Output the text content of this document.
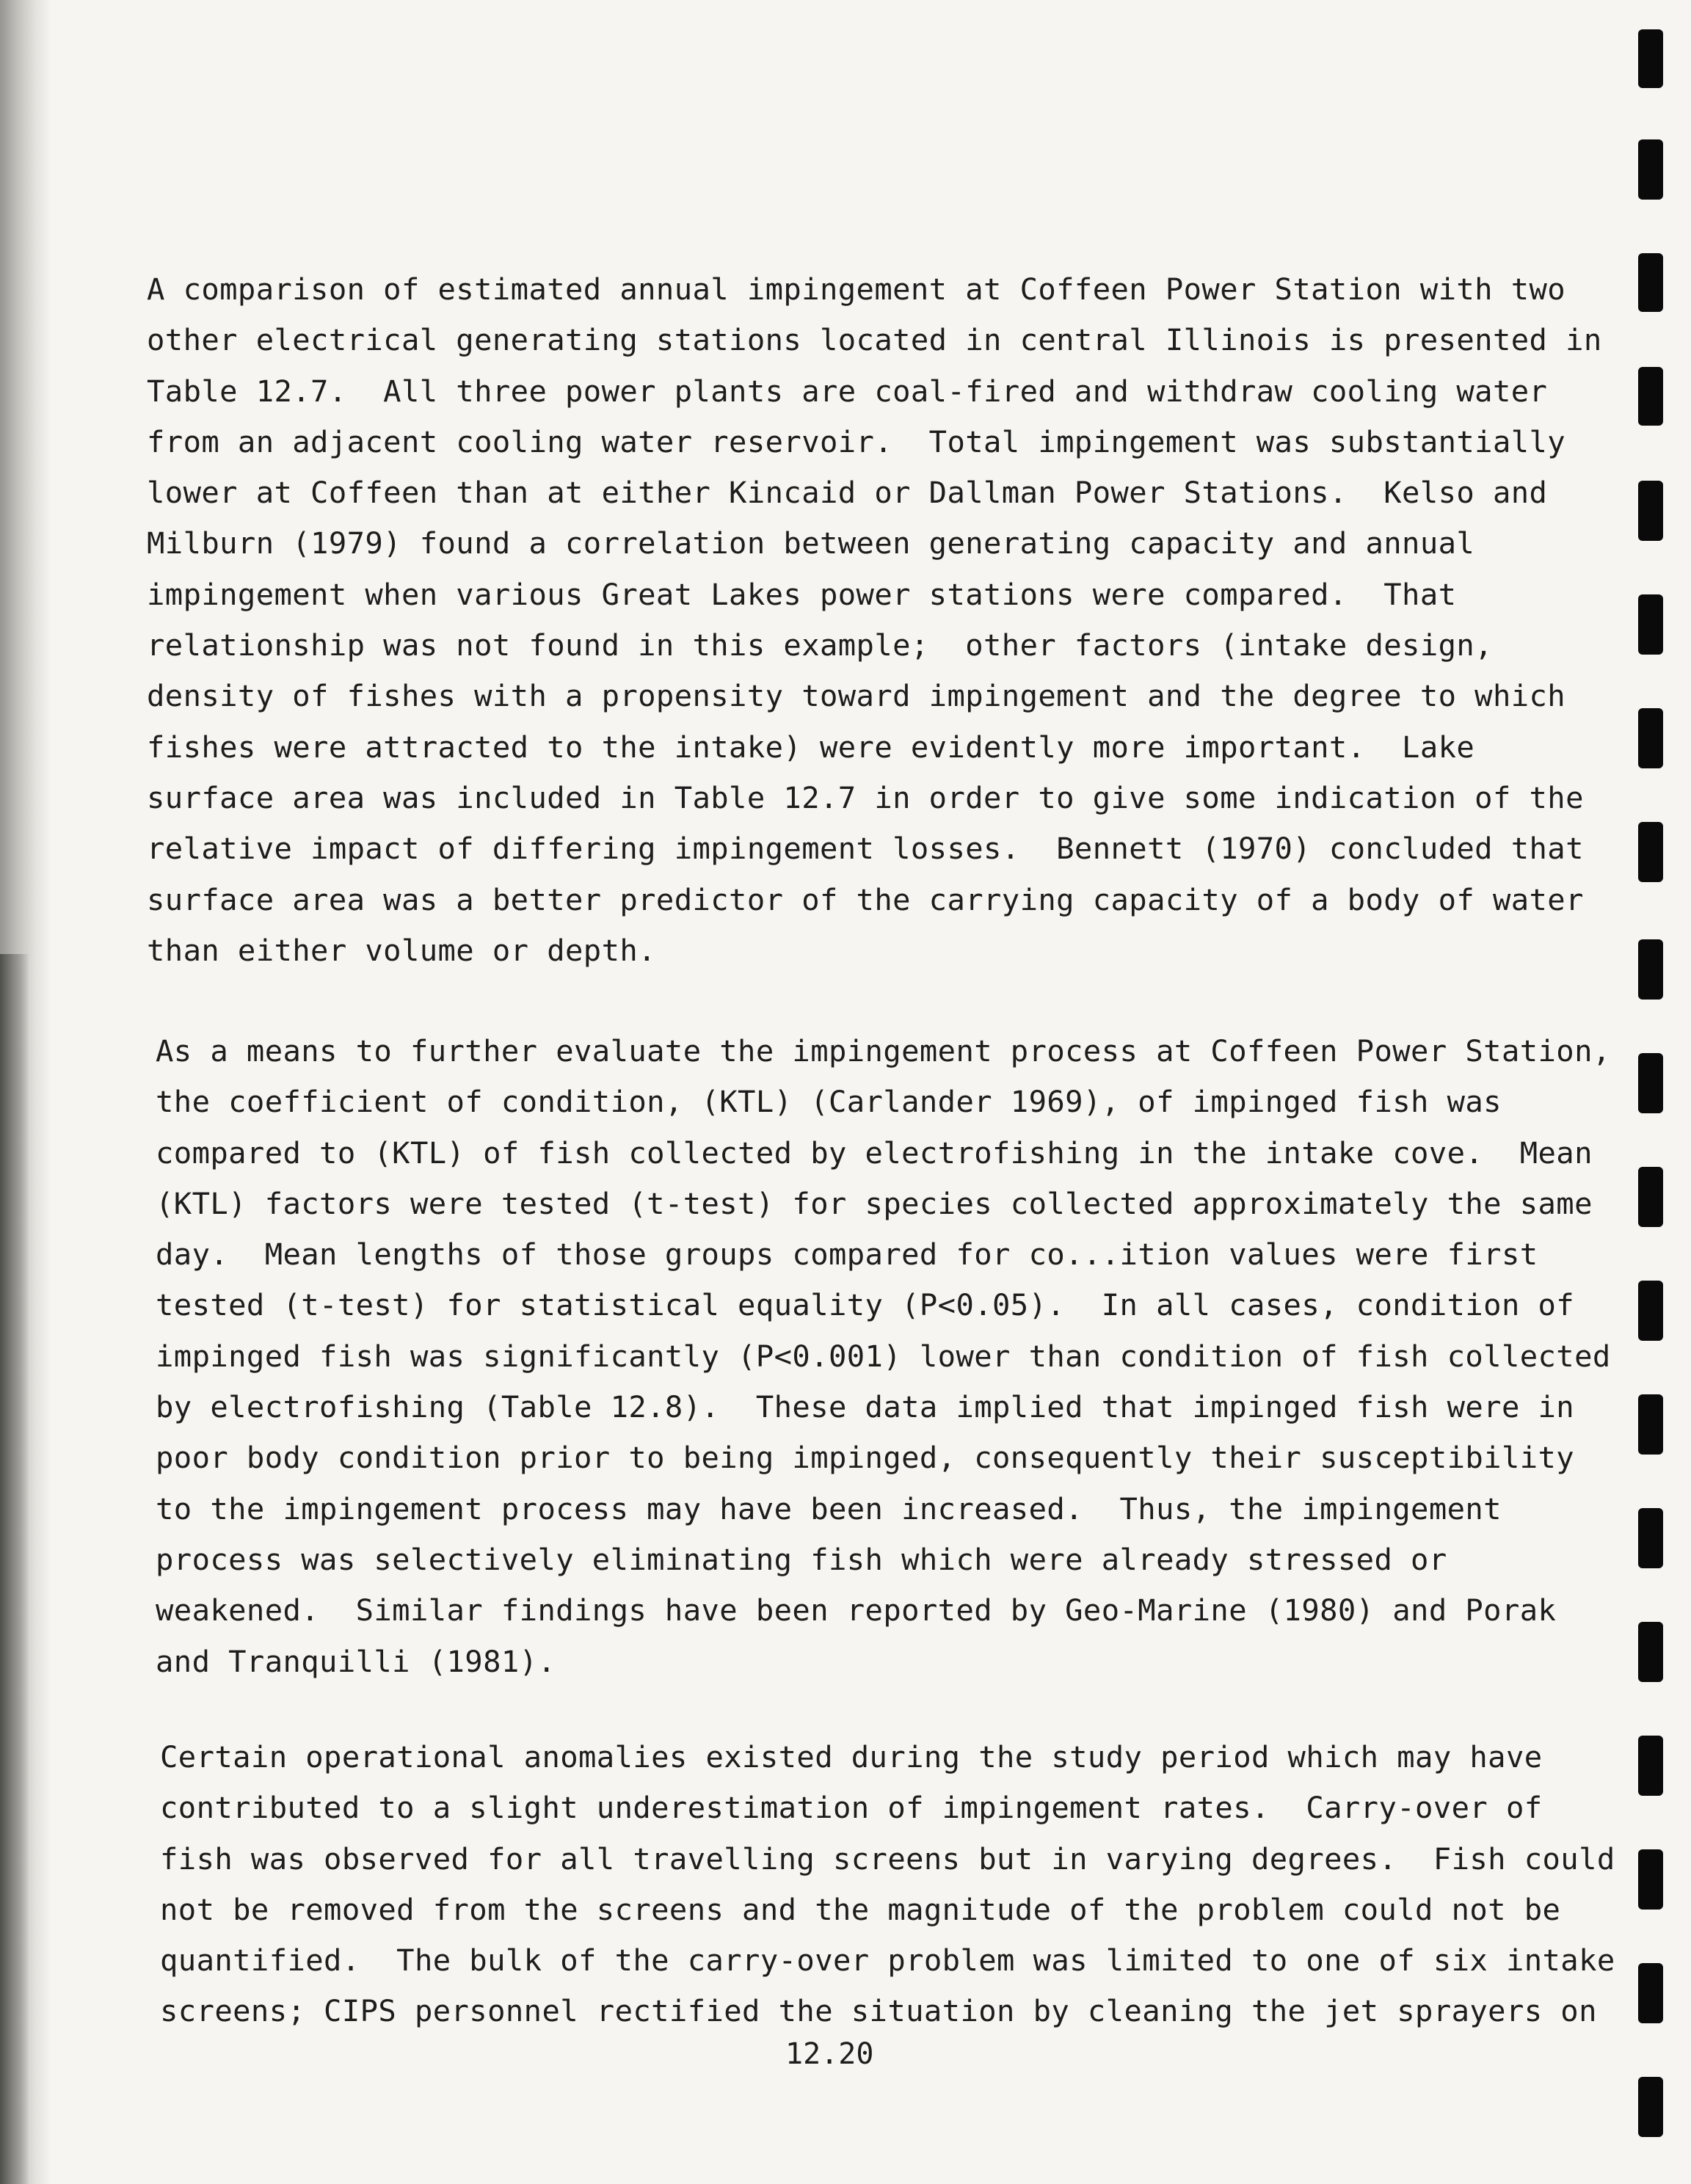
A comparison of estimated annual impingement at Coffeen Power Station with two
other electrical generating stations located in central Illinois is presented in
Table 12.7.  All three power plants are coal-fired and withdraw cooling water
from an adjacent cooling water reservoir.  Total impingement was substantially
lower at Coffeen than at either Kincaid or Dallman Power Stations.  Kelso and
Milburn (1979) found a correlation between generating capacity and annual
impingement when various Great Lakes power stations were compared.  That
relationship was not found in this example;  other factors (intake design,
density of fishes with a propensity toward impingement and the degree to which
fishes were attracted to the intake) were evidently more important.  Lake
surface area was included in Table 12.7 in order to give some indication of the
relative impact of differing impingement losses.  Bennett (1970) concluded that
surface area was a better predictor of the carrying capacity of a body of water
than either volume or depth.
As a means to further evaluate the impingement process at Coffeen Power Station,
the coefficient of condition, (KTL) (Carlander 1969), of impinged fish was
compared to (KTL) of fish collected by electrofishing in the intake cove.  Mean
(KTL) factors were tested (t-test) for species collected approximately the same
day.  Mean lengths of those groups compared for co...ition values were first
tested (t-test) for statistical equality (P<0.05).  In all cases, condition of
impinged fish was significantly (P<0.001) lower than condition of fish collected
by electrofishing (Table 12.8).  These data implied that impinged fish were in
poor body condition prior to being impinged, consequently their susceptibility
to the impingement process may have been increased.  Thus, the impingement
process was selectively eliminating fish which were already stressed or
weakened.  Similar findings have been reported by Geo-Marine (1980) and Porak
and Tranquilli (1981).
Certain operational anomalies existed during the study period which may have
contributed to a slight underestimation of impingement rates.  Carry-over of
fish was observed for all travelling screens but in varying degrees.  Fish could
not be removed from the screens and the magnitude of the problem could not be
quantified.  The bulk of the carry-over problem was limited to one of six intake
screens; CIPS personnel rectified the situation by cleaning the jet sprayers on
12.20
